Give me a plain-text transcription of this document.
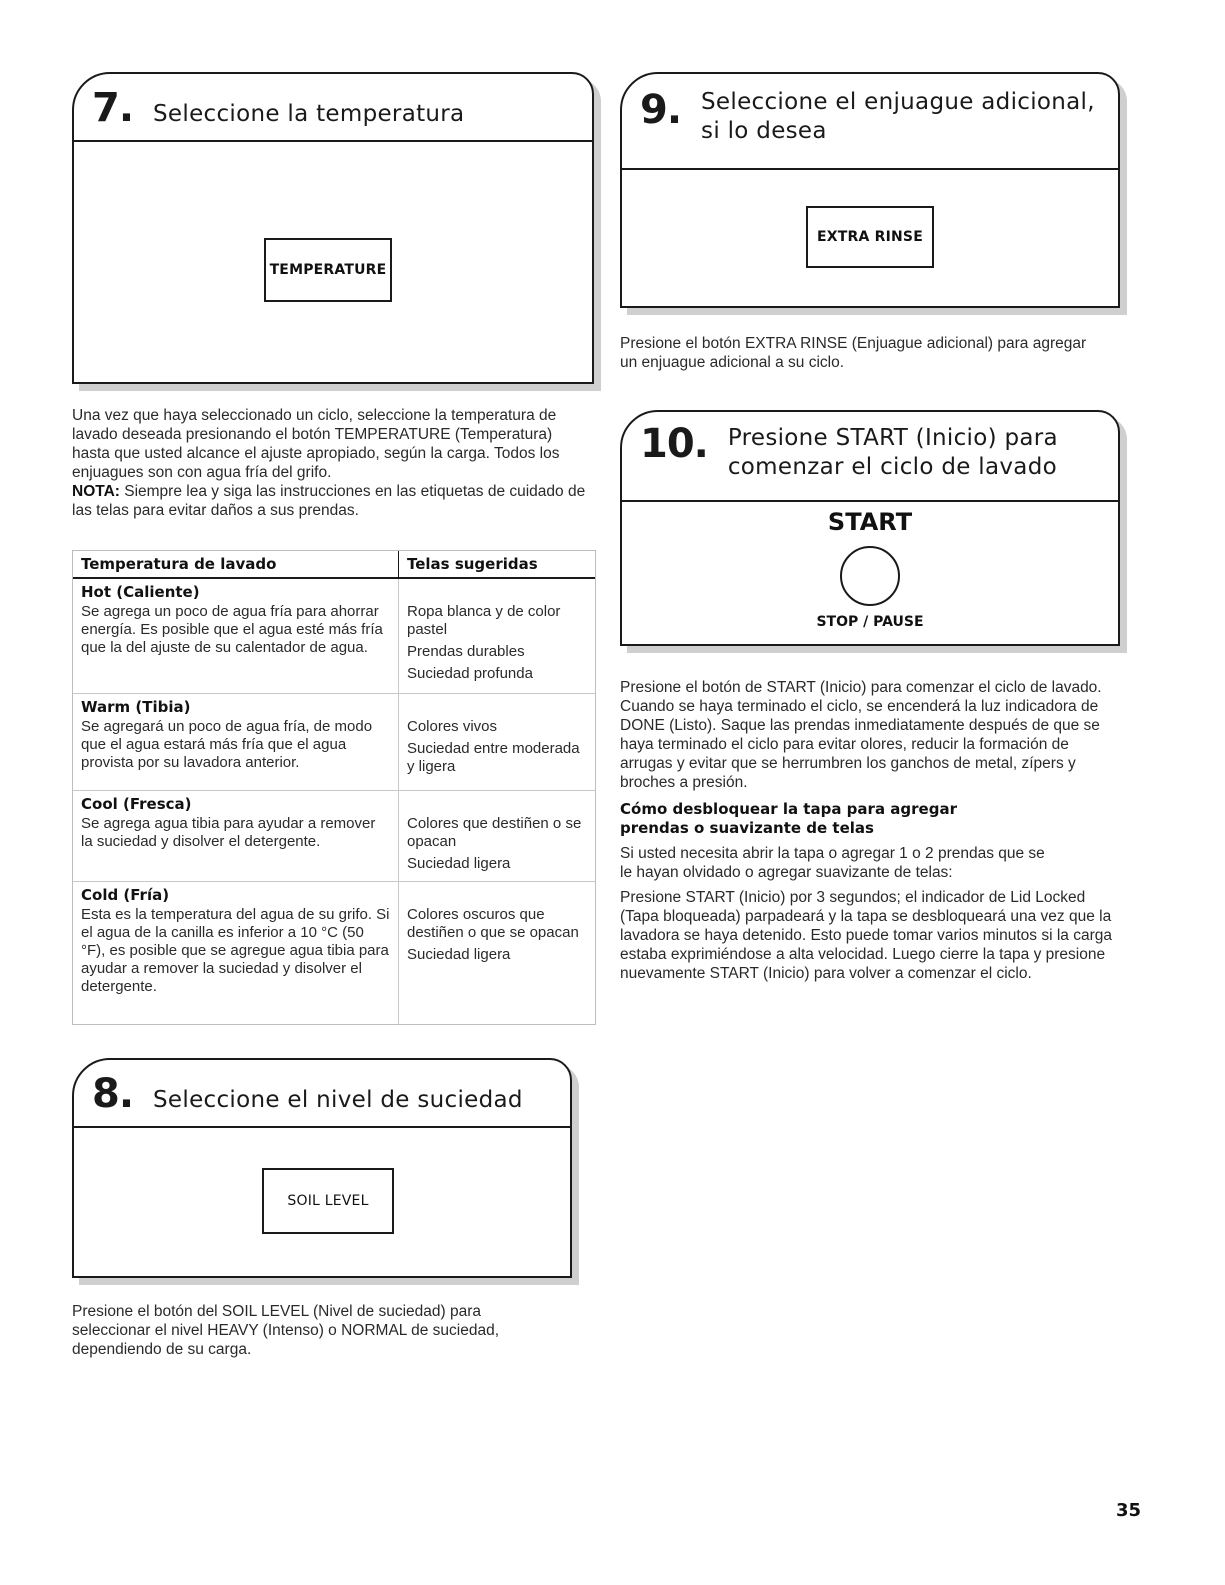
7. Seleccione la temperatura
TEMPERATURE

Una vez que haya seleccionado un ciclo, seleccione la temperatura de lavado deseada presionando el botón TEMPERATURE (Temperatura) hasta que usted alcance el ajuste apropiado, según la carga. Todos los enjuagues son con agua fría del grifo.

NOTA: Siempre lea y siga las instrucciones en las etiquetas de cuidado de las telas para evitar daños a sus prendas.

Temperatura de lavado	Telas sugeridas
Hot (Caliente)
Se agrega un poco de agua fría para ahorrar energía. Es posible que el agua esté más fría que la del ajuste de su calentador de agua.
Ropa blanca y de color pastel
Prendas durables
Suciedad profunda
Warm (Tibia)
Se agregará un poco de agua fría, de modo que el agua estará más fría que el agua provista por su lavadora anterior.
Colores vivos
Suciedad entre moderada y ligera
Cool (Fresca)
Se agrega agua tibia para ayudar a remover la suciedad y disolver el detergente.
Colores que destiñen o se opacan
Suciedad ligera
Cold (Fría)
Esta es la temperatura del agua de su grifo. Si el agua de la canilla es inferior a 10 °C (50 °F), es posible que se agregue agua tibia para ayudar a remover la suciedad y disolver el detergente.
Colores oscuros que destiñen o que se opacan
Suciedad ligera
8. Seleccione el nivel de suciedad
SOIL LEVEL

Presione el botón del SOIL LEVEL (Nivel de suciedad) para seleccionar el nivel HEAVY (Intenso) o NORMAL de suciedad, dependiendo de su carga.

9. Seleccione el enjuague adicional,
si lo desea
EXTRA RINSE

Presione el botón EXTRA RINSE (Enjuague adicional) para agregar un enjuague adicional a su ciclo.

10. Presione START (Inicio) para
comenzar el ciclo de lavado
START
STOP / PAUSE

Presione el botón de START (Inicio) para comenzar el ciclo de lavado. Cuando se haya terminado el ciclo, se encenderá la luz indicadora de DONE (Listo). Saque las prendas inmediatamente después de que se haya terminado el ciclo para evitar olores, reducir la formación de arrugas y evitar que se herrumbren los ganchos de metal, zípers y broches a presión.

Cómo desbloquear la tapa para agregar prendas o suavizante de telas

Si usted necesita abrir la tapa o agregar 1 o 2 prendas que se le hayan olvidado o agregar suavizante de telas:

Presione START (Inicio) por 3 segundos; el indicador de Lid Locked (Tapa bloqueada) parpadeará y la tapa se desbloqueará una vez que la lavadora se haya detenido. Esto puede tomar varios minutos si la carga estaba exprimiéndose a alta velocidad. Luego cierre la tapa y presione nuevamente START (Inicio) para volver a comenzar el ciclo.

35
